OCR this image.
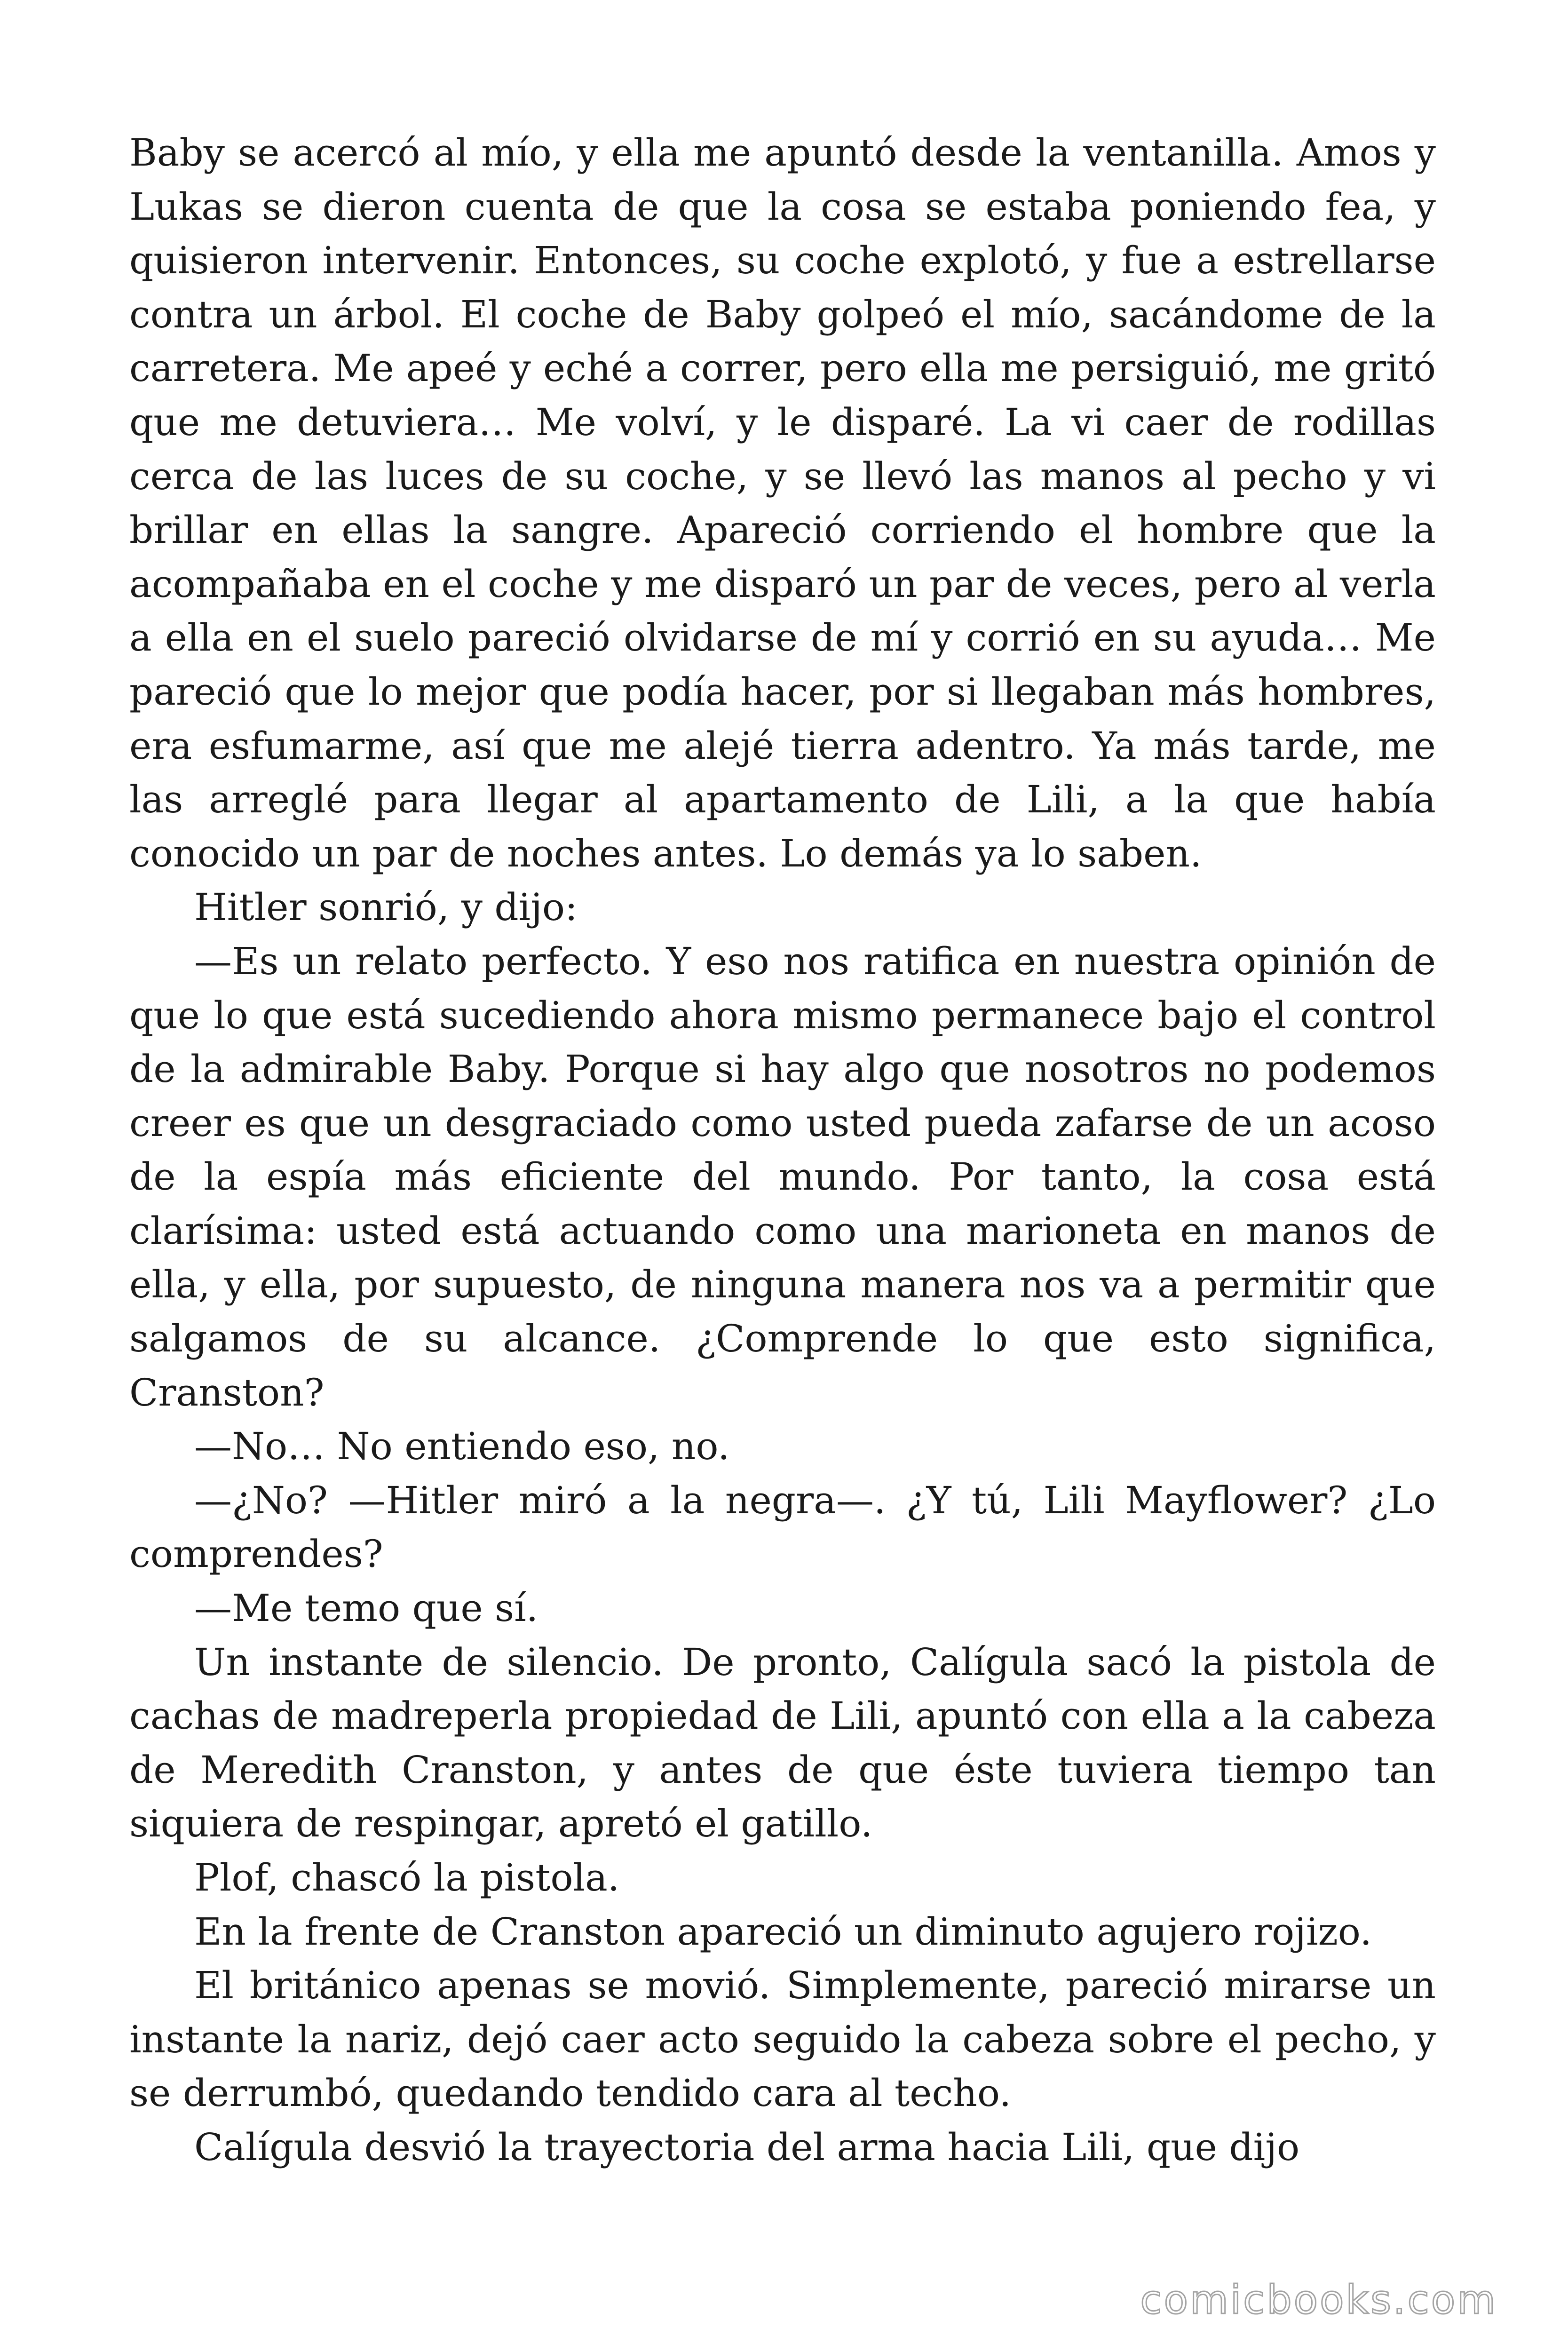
Baby se acercó al mío, y ella me apuntó desde la ventanilla. Amos y Lukas se dieron cuenta de que la cosa se estaba poniendo fea, y quisieron intervenir. Entonces, su coche explotó, y fue a estrellarse contra un árbol. El coche de Baby golpeó el mío, sacándome de la carretera. Me apeé y eché a correr, pero ella me persiguió, me gritó que me detuviera… Me volví, y le disparé. La vi caer de rodillas cerca de las luces de su coche, y se llevó las manos al pecho y vi brillar en ellas la sangre. Apareció corriendo el hombre que la acompañaba en el coche y me disparó un par de veces, pero al verla a ella en el suelo pareció olvidarse de mí y corrió en su ayuda… Me pareció que lo mejor que podía hacer, por si llegaban más hombres, era esfumarme, así que me alejé tierra adentro. Ya más tarde, me las arreglé para llegar al apartamento de Lili, a la que había conocido un par de noches antes. Lo demás ya lo saben.

Hitler sonrió, y dijo:

—Es un relato perfecto. Y eso nos ratifica en nuestra opinión de que lo que está sucediendo ahora mismo permanece bajo el control de la admirable Baby. Porque si hay algo que nosotros no podemos creer es que un desgraciado como usted pueda zafarse de un acoso de la espía más eficiente del mundo. Por tanto, la cosa está clarísima: usted está actuando como una marioneta en manos de ella, y ella, por supuesto, de ninguna manera nos va a permitir que salgamos de su alcance. ¿Comprende lo que esto significa, Cranston?

—No… No entiendo eso, no.

—¿No? —Hitler miró a la negra—. ¿Y tú, Lili Mayflower? ¿Lo comprendes?

—Me temo que sí.

Un instante de silencio. De pronto, Calígula sacó la pistola de cachas de madreperla propiedad de Lili, apuntó con ella a la cabeza de Meredith Cranston, y antes de que éste tuviera tiempo tan siquiera de respingar, apretó el gatillo.

Plof, chascó la pistola.

En la frente de Cranston apareció un diminuto agujero rojizo.

El británico apenas se movió. Simplemente, pareció mirarse un instante la nariz, dejó caer acto seguido la cabeza sobre el pecho, y se derrumbó, quedando tendido cara al techo.

Calígula desvió la trayectoria del arma hacia Lili, que dijo

comicbooks.com
